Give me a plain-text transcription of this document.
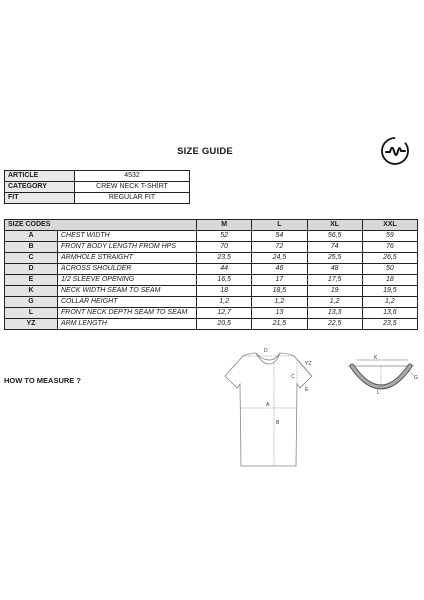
SIZE GUIDE
ARTICLE	4532
CATEGORY	CREW NECK T-SHIRT
FIT	REGULAR FIT
SIZE CODES		M	L	XL	XXL
A	CHEST WIDTH	52	54	56,5	59
B	FRONT BODY LENGTH FROM HPS	70	72	74	76
C	ARMHOLE STRAIGHT	23,5	24,5	25,5	26,5
D	ACROSS SHOULDER	44	46	48	50
E	1/2 SLEEVE OPENING	16,5	17	17,5	18
K	NECK WIDTH SEAM TO SEAM	18	18,5	19	19,5
G	COLLAR HEIGHT	1,2	1,2	1,2	1,2
L	FRONT NECK DEPTH SEAM TO SEAM	12,7	13	13,3	13,6
YZ	ARM LENGTH	20,5	21,5	22,5	23,5
HOW TO MEASURE ?
D
YZ
C
A
B
E
K
G
L
